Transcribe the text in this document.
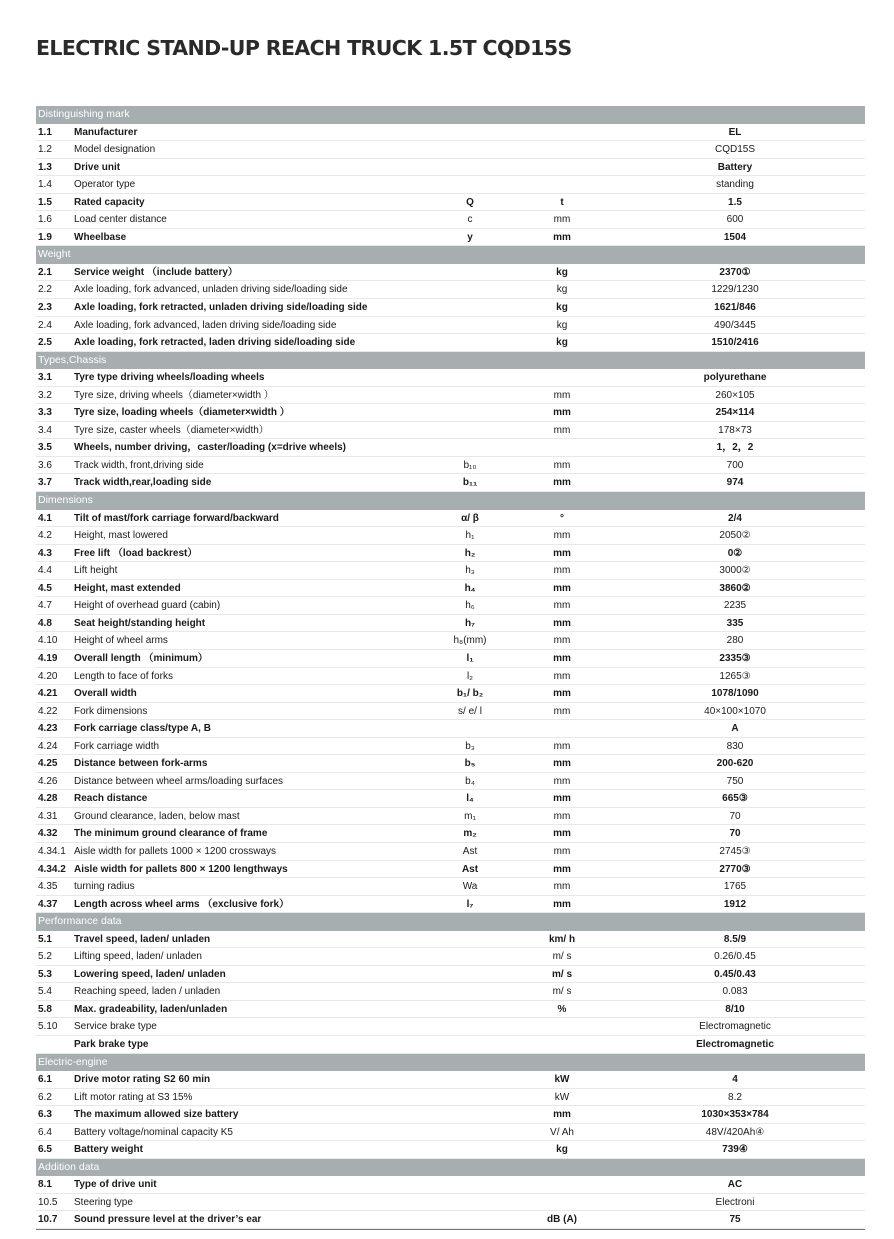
ELECTRIC STAND-UP REACH TRUCK 1.5T CQD15S
Distinguishing mark
1.1 Manufacturer	EL
1.2 Model designation	CQD15S
1.3 Drive unit	Battery
1.4 Operator type	standing
1.5 Rated capacity	Q	t	1.5
1.6 Load center distance	c	mm	600
1.9 Wheelbase	y	mm	1504
Weight
2.1 Service weight （include battery）	kg	2370①
2.2 Axle loading, fork advanced, unladen driving side/loading side	kg	1229/1230
2.3 Axle loading, fork retracted, unladen driving side/loading side	kg	1621/846
2.4 Axle loading, fork advanced, laden driving side/loading side	kg	490/3445
2.5 Axle loading, fork retracted, laden driving side/loading side	kg	1510/2416
Types,Chassis
3.1 Tyre type driving wheels/loading wheels	polyurethane
3.2 Tyre size, driving wheels（diameter×width ）	mm	260×105
3.3 Tyre size, loading wheels（diameter×width ）	mm	254×114
3.4 Tyre size, caster wheels（diameter×width）	mm	178×73
3.5 Wheels, number driving，caster/loading (x=drive wheels)	1，2，2
3.6 Track width, front,driving side	b₁₀	mm	700
3.7 Track width,rear,loading side	b₁₁	mm	974
Dimensions
4.1 Tilt of mast/fork carriage forward/backward	α/ β	°	2/4
4.2 Height, mast lowered	h₁	mm	2050②
4.3 Free lift （load backrest）	h₂	mm	0②
4.4 Lift height	h₃	mm	3000②
4.5 Height, mast extended	h₄	mm	3860②
4.7 Height of overhead guard (cabin)	h₆	mm	2235
4.8 Seat height/standing height	h₇	mm	335
4.10 Height of wheel arms	h₈(mm)	mm	280
4.19 Overall length （minimum）	l₁	mm	2335③
4.20 Length to face of forks	l₂	mm	1265③
4.21 Overall width	b₁/ b₂	mm	1078/1090
4.22 Fork dimensions	s/ e/ l	mm	40×100×1070
4.23 Fork carriage class/type A, B	A
4.24 Fork carriage width	b₃	mm	830
4.25 Distance between fork-arms	b₅	mm	200-620
4.26 Distance between wheel arms/loading surfaces	b₄	mm	750
4.28 Reach distance	l₄	mm	665③
4.31 Ground clearance, laden, below mast	m₁	mm	70
4.32 The minimum ground clearance of frame	m₂	mm	70
4.34.1 Aisle width for pallets 1000 × 1200 crossways	Ast	mm	2745③
4.34.2 Aisle width for pallets 800 × 1200 lengthways	Ast	mm	2770③
4.35 turning radius	Wa	mm	1765
4.37 Length across wheel arms （exclusive fork）	l₇	mm	1912
Performance data
5.1 Travel speed, laden/ unladen	km/ h	8.5/9
5.2 Lifting speed, laden/ unladen	m/ s	0.26/0.45
5.3 Lowering speed, laden/ unladen	m/ s	0.45/0.43
5.4 Reaching speed, laden / unladen	m/ s	0.083
5.8 Max. gradeability, laden/unladen	%	8/10
5.10 Service brake type	Electromagnetic
Park brake type	Electromagnetic
Electric-engine
6.1 Drive motor rating S2 60 min	kW	4
6.2 Lift motor rating at S3 15%	kW	8.2
6.3 The maximum allowed size battery	mm	1030×353×784
6.4 Battery voltage/nominal capacity K5	V/ Ah	48V/420Ah④
6.5 Battery weight	kg	739④
Addition data
8.1 Type of drive unit	AC
10.5 Steering type	Electroni
10.7 Sound pressure level at the driver’s ear	dB (A)	75
